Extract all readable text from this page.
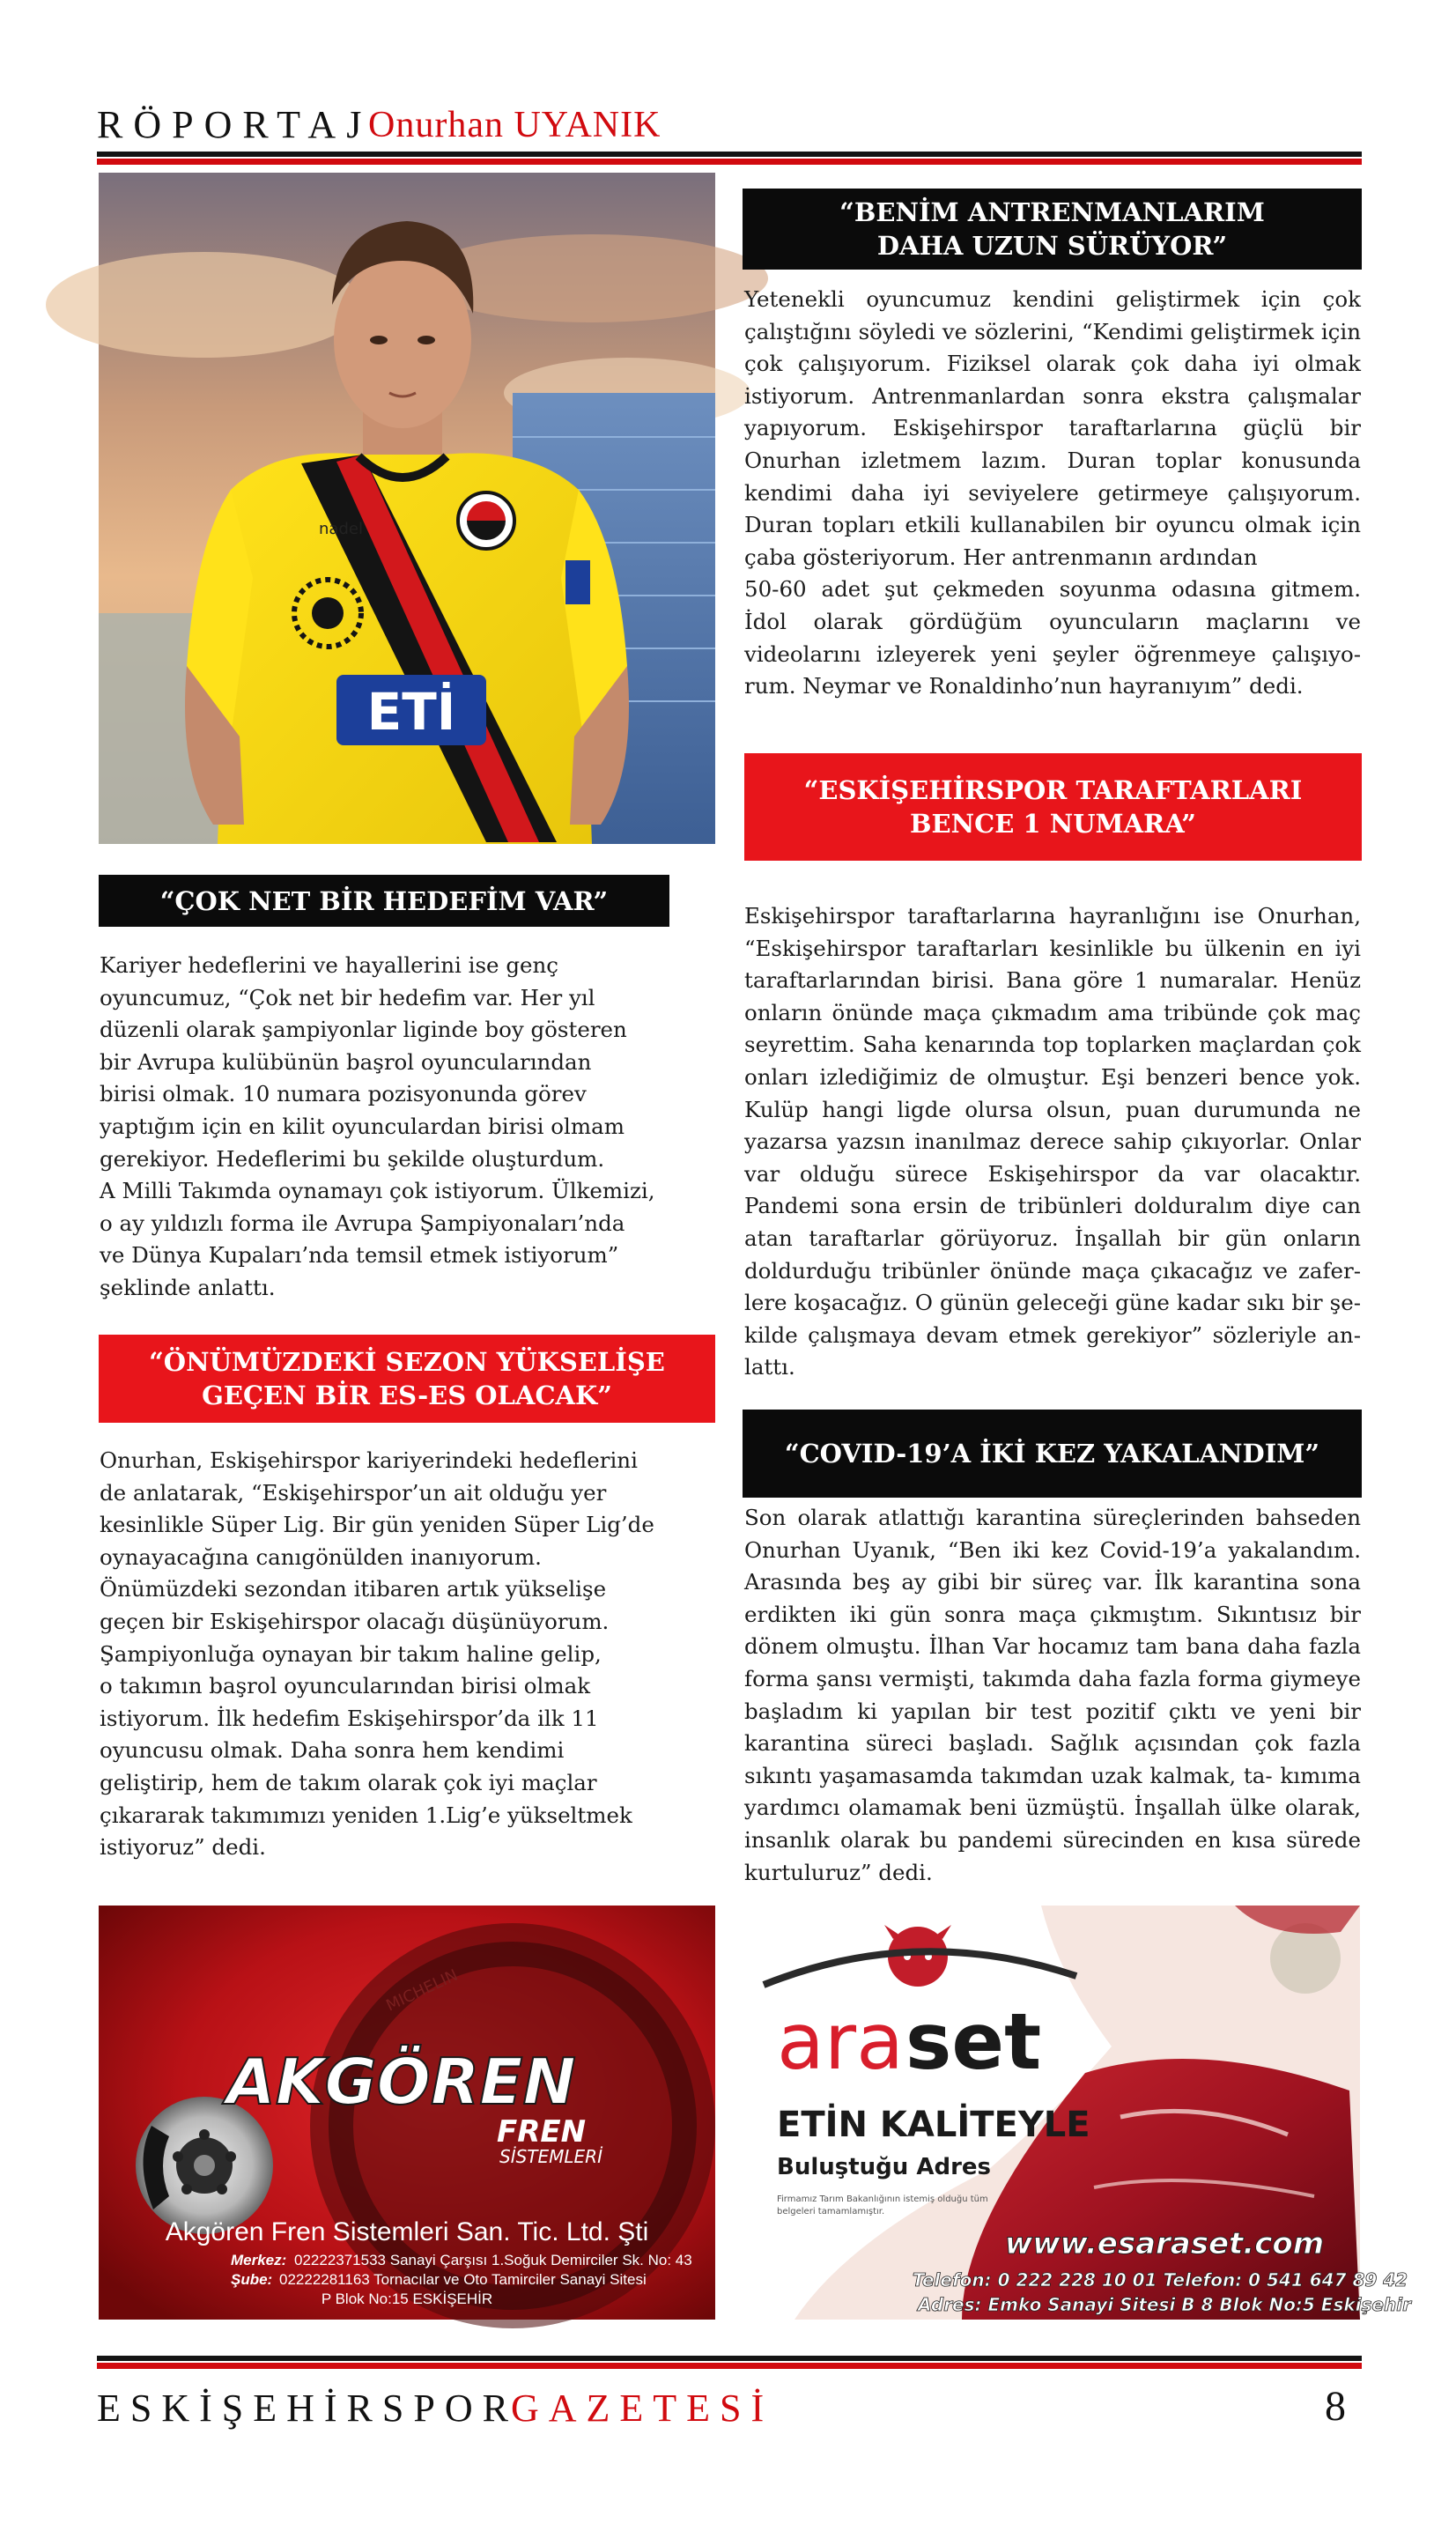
RÖPORTAJ
Onurhan UYANIK
nadel
ETİ
“BENİM ANTRENMANLARIM
DAHA UZUN SÜRÜYOR”
Yetenekli oyuncumuz kendini geliştirmek için çok çalıştığını söyledi ve sözlerini, “Kendimi geliştirmek için çok çalışıyorum. Fiziksel olarak çok daha iyi olmak istiyorum. Antrenmanlardan sonra ekstra çalışmalar yapıyorum. Eskişehirspor taraftarlarına güçlü bir Onurhan izletmem lazım. Duran toplar konusunda kendimi daha iyi seviyelere getirmeye çalışıyorum. Duran topları etkili kullanabilen bir oyuncu olmak için çaba gösteriyorum. Her antrenmanın ardından
50-60 adet şut çekmeden soyunma odasına gitmem. İdol olarak gördüğüm oyuncuların maçlarını ve videolarını izleyerek yeni şeyler öğrenmeye çalışıyo- rum. Neymar ve Ronaldinho’nun hayranıyım” dedi.
“ESKİŞEHİRSPOR TARAFTARLARI
BENCE 1 NUMARA”
Eskişehirspor taraftarlarına hayranlığını ise Onurhan, “Eskişehirspor taraftarları kesinlikle bu ülkenin en iyi taraftarlarından birisi. Bana göre 1 numaralar. Henüz onların önünde maça çıkmadım ama tribünde çok maç seyrettim. Saha kenarında top toplarken maçlardan çok onları izlediğimiz de olmuştur. Eşi benzeri bence yok. Kulüp hangi ligde olursa olsun, puan durumunda ne yazarsa yazsın inanılmaz derece sahip çıkıyorlar. Onlar var olduğu sürece Eskişehirspor da var olacaktır. Pandemi sona ersin de tribünleri dolduralım diye can atan taraftarlar görüyoruz. İnşallah bir gün onların doldurduğu tribünler önünde maça çıkacağız ve zafer- lere koşacağız. O günün geleceği güne kadar sıkı bir şe- kilde çalışmaya devam etmek gerekiyor” sözleriyle an- lattı.
“COVID-19’A İKİ KEZ YAKALANDIM”
Son olarak atlattığı karantina süreçlerinden bahseden Onurhan Uyanık, “Ben iki kez Covid-19’a yakalandım. Arasında beş ay gibi bir süreç var. İlk karantina sona erdikten iki gün sonra maça çıkmıştım. Sıkıntısız bir dönem olmuştu. İlhan Var hocamız tam bana daha fazla forma şansı vermişti, takımda daha fazla forma giymeye başladım ki yapılan bir test pozitif çıktı ve yeni bir karantina süreci başladı. Sağlık açısından çok fazla sıkıntı yaşamasamda takımdan uzak kalmak, ta- kımıma yardımcı olamamak beni üzmüştü. İnşallah ülke olarak, insanlık olarak bu pandemi sürecinden en kısa sürede kurtuluruz” dedi.
“ÇOK NET BİR HEDEFİM VAR”
Kariyer hedeflerini ve hayallerini ise genç
oyuncumuz, “Çok net bir hedefim var. Her yıl
düzenli olarak şampiyonlar liginde boy gösteren
bir Avrupa kulübünün başrol oyuncularından
birisi olmak. 10 numara pozisyonunda görev
yaptığım için en kilit oyunculardan birisi olmam
gerekiyor. Hedeflerimi bu şekilde oluşturdum.
A Milli Takımda oynamayı çok istiyorum. Ülkemizi,
o ay yıldızlı forma ile Avrupa Şampiyonaları’nda
ve Dünya Kupaları’nda temsil etmek istiyorum”
şeklinde anlattı.
“ÖNÜMÜZDEKİ SEZON YÜKSELİŞE
GEÇEN BİR ES-ES OLACAK”
Onurhan, Eskişehirspor kariyerindeki hedeflerini
de anlatarak, “Eskişehirspor’un ait olduğu yer
kesinlikle Süper Lig. Bir gün yeniden Süper Lig’de
oynayacağına canıgönülden inanıyorum.
Önümüzdeki sezondan itibaren artık yükselişe
geçen bir Eskişehirspor olacağı düşünüyorum.
Şampiyonluğa oynayan bir takım haline gelip,
o takımın başrol oyuncularından birisi olmak
istiyorum. İlk hedefim Eskişehirspor’da ilk 11
oyuncusu olmak. Daha sonra hem kendimi
geliştirip, hem de takım olarak çok iyi maçlar
çıkararak takımımızı yeniden 1.Lig’e yükseltmek
istiyoruz” dedi.
MICHELIN
AKGÖREN
FREN
SİSTEMLERİ
Akgören Fren Sistemleri San. Tic. Ltd. Şti
Merkez: 02222371533 Sanayi Çarşısı 1.Soğuk Demirciler Sk. No: 43
Şube: 02222281163 Tornacılar ve Oto Tamirciler Sanayi Sitesi
P Blok No:15 ESKİŞEHİR
ara set
ETİN KALİTEYLE
Buluştuğu Adres
Firmamız Tarım Bakanlığının istemiş olduğu tüm
belgeleri tamamlamıştır.
www.esaraset.com
Telefon: 0 222 228 10 01 Telefon: 0 541 647 89 42
Adres: Emko Sanayi Sitesi B 8 Blok No:5 Eskişehir
ESKİŞEHİRSPOR
GAZETESİ	8
